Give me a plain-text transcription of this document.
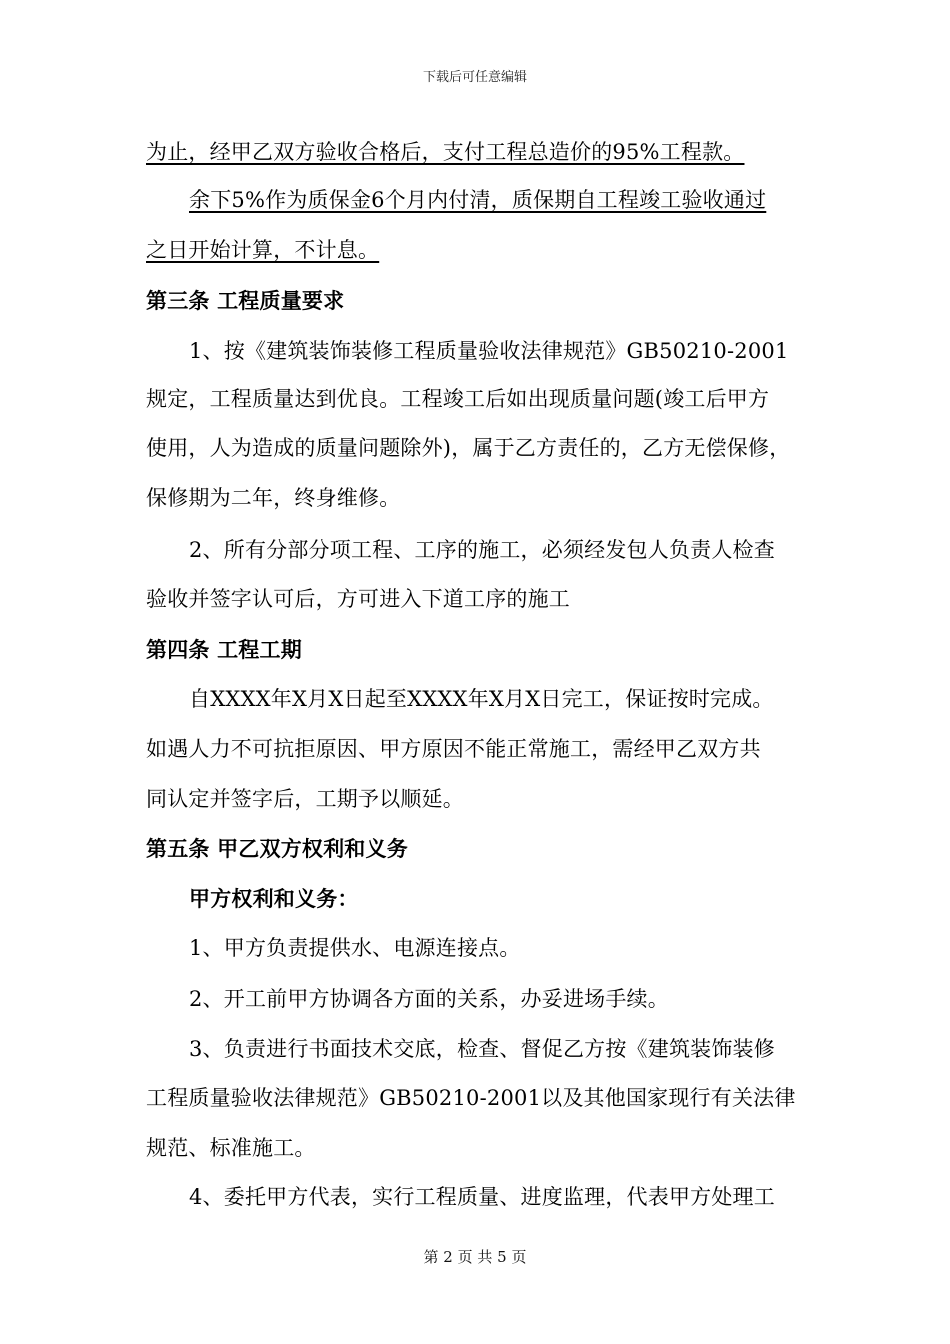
下载后可任意编辑
为止，经甲乙双方验收合格后，支付工程总造价的95%工程款。
余下5%作为质保金6个月内付清，质保期自工程竣工验收通过
之日开始计算，不计息。
第三条 工程质量要求
1、按《建筑装饰装修工程质量验收法律规范》GB50210-2001
规定，工程质量达到优良。工程竣工后如出现质量问题(竣工后甲方
使用，人为造成的质量问题除外)，属于乙方责任的，乙方无偿保修，
保修期为二年，终身维修。
2、所有分部分项工程、工序的施工，必须经发包人负责人检查
验收并签字认可后，方可进入下道工序的施工
第四条 工程工期
自XXXX年X月X日起至XXXX年X月X日完工，保证按时完成。
如遇人力不可抗拒原因、甲方原因不能正常施工，需经甲乙双方共
同认定并签字后，工期予以顺延。
第五条 甲乙双方权利和义务
甲方权利和义务：
1、甲方负责提供水、电源连接点。
2、开工前甲方协调各方面的关系，办妥进场手续。
3、负责进行书面技术交底，检查、督促乙方按《建筑装饰装修
工程质量验收法律规范》GB50210-2001以及其他国家现行有关法律
规范、标准施工。
4、委托甲方代表，实行工程质量、进度监理，代表甲方处理工
第 2 页 共 5 页
